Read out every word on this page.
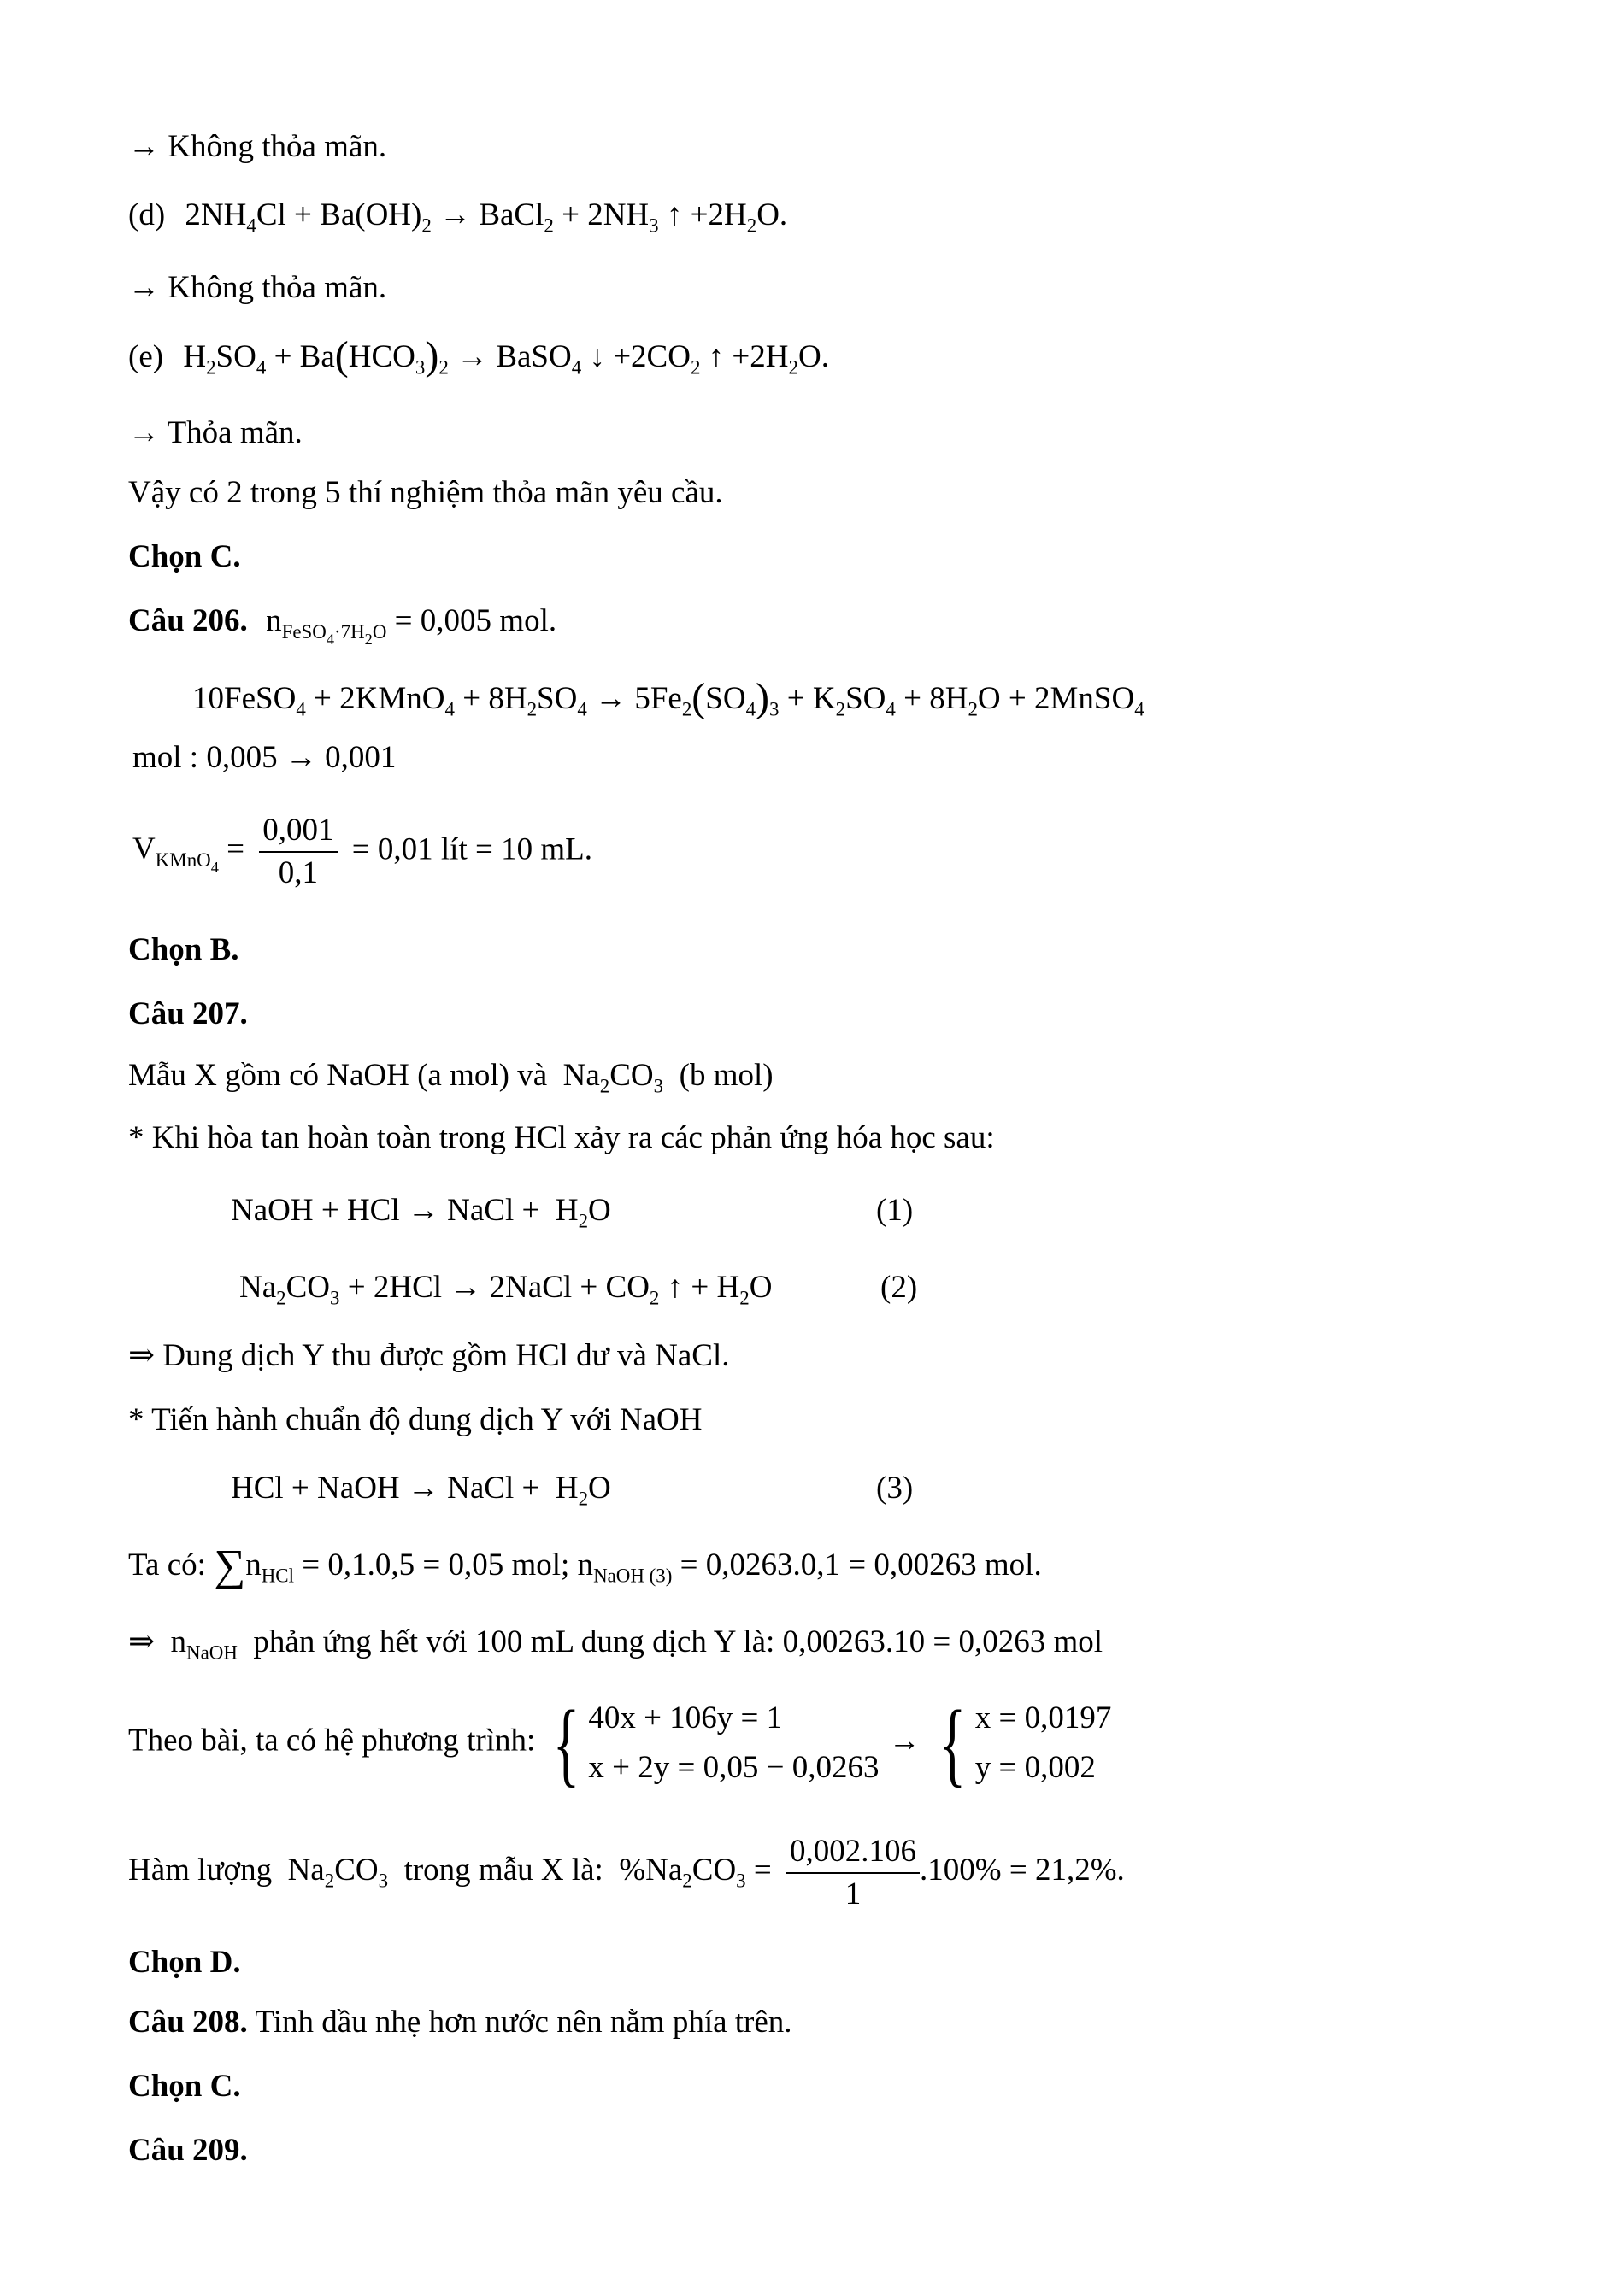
→ Không thỏa mãn.
(d) $2NH_4Cl + Ba(OH)_2$ → BaCl$_2$ + $2NH_3$ ↑ $+2H_2O$.
→ Không thỏa mãn.
(e) $H_2SO_4 + Ba(HCO_3)_2$ → BaSO$_4$ ↓ $+2CO_2$ ↑ $+2H_2O$.
→ Thỏa mãn.
Vậy có 2 trong 5 thí nghiệm thỏa mãn yêu cầu.
Chọn C.
Câu 206. $n_{FeSO_4\cdot 7H_2O} = 0,005$ mol.
10FeSO$_4$ + 2KMnO$_4$ + $8H_2SO_4 \to 5Fe_2(SO_4)_3 + K_2SO_4 + 8H_2O$ + 2MnSO$_4$
mol : 0,005 → 0,001
$V_{KMnO_4} = \frac{0,001}{0,1} = 0,01$ lít = 10 mL.
Chọn B.
Câu 207.
Mẫu X gồm có NaOH (a mol) và  $Na_2CO_3$  (b mol)
* Khi hòa tan hoàn toàn trong HCl xảy ra các phản ứng hóa học sau:
NaOH + HCl → NaCl +  $H_2O$	(1)
$Na_2CO_3 + 2HCl$ → 2NaCl + $CO_2$ ↑ + $H_2O$	(2)
⇒ Dung dịch Y thu được gồm HCl dư và NaCl.
* Tiến hành chuẩn độ dung dịch Y với NaOH
HCl + NaOH → NaCl +  $H_2O$	(3)
Ta có: $\sum n_{HCl} = 0,1.0,5 = 0,05$ mol; $n_{NaOH (3)} = 0,0263.0,1 = 0,00263$ mol.
⇒  $n_{NaOH}$  phản ứng hết với 100 mL dung dịch Y là: 0,00263.10 = 0,0263 mol
Theo bài, ta có hệ phương trình: { 40x + 106y = 1
x + 2y = 0,05 − 0,0263
→ { x = 0,0197
y = 0,002
Hàm lượng  $Na_2CO_3$  trong mẫu X là:  $\%Na_2CO_3 = \frac{0,002.106}{1} .100\% = 21,2\%$.
Chọn D.
Câu 208. Tinh dầu nhẹ hơn nước nên nằm phía trên.
Chọn C.
Câu 209.
